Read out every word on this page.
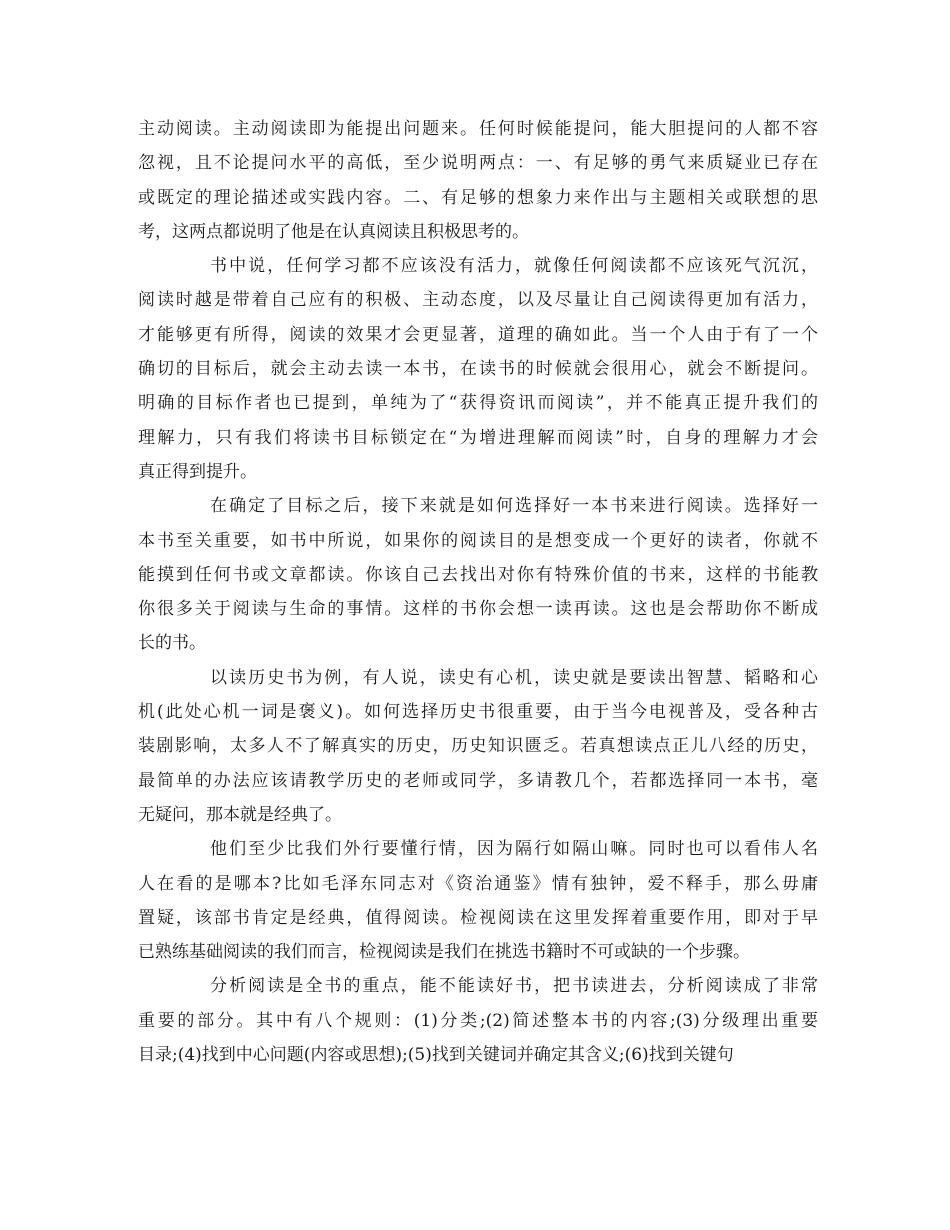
主动阅读。主动阅读即为能提出问题来。任何时候能提问，能大胆提问的人都不容
忽视，且不论提问水平的高低，至少说明两点：一、有足够的勇气来质疑业已存在
或既定的理论描述或实践内容。二、有足够的想象力来作出与主题相关或联想的思
考，这两点都说明了他是在认真阅读且积极思考的。
书中说，任何学习都不应该没有活力，就像任何阅读都不应该死气沉沉，
阅读时越是带着自己应有的积极、主动态度，以及尽量让自己阅读得更加有活力，
才能够更有所得，阅读的效果才会更显著，道理的确如此。当一个人由于有了一个
确切的目标后，就会主动去读一本书，在读书的时候就会很用心，就会不断提问。
明确的目标作者也已提到，单纯为了“获得资讯而阅读”，并不能真正提升我们的
理解力，只有我们将读书目标锁定在“为增进理解而阅读”时，自身的理解力才会
真正得到提升。
在确定了目标之后，接下来就是如何选择好一本书来进行阅读。选择好一
本书至关重要，如书中所说，如果你的阅读目的是想变成一个更好的读者，你就不
能摸到任何书或文章都读。你该自己去找出对你有特殊价值的书来，这样的书能教
你很多关于阅读与生命的事情。这样的书你会想一读再读。这也是会帮助你不断成
长的书。
以读历史书为例，有人说，读史有心机，读史就是要读出智慧、韬略和心
机(此处心机一词是褒义)。如何选择历史书很重要，由于当今电视普及，受各种古
装剧影响，太多人不了解真实的历史，历史知识匮乏。若真想读点正儿八经的历史，
最简单的办法应该请教学历史的老师或同学，多请教几个，若都选择同一本书，毫
无疑问，那本就是经典了。
他们至少比我们外行要懂行情，因为隔行如隔山嘛。同时也可以看伟人名
人在看的是哪本?比如毛泽东同志对《资治通鉴》情有独钟，爱不释手，那么毋庸
置疑，该部书肯定是经典，值得阅读。检视阅读在这里发挥着重要作用，即对于早
已熟练基础阅读的我们而言，检视阅读是我们在挑选书籍时不可或缺的一个步骤。
分析阅读是全书的重点，能不能读好书，把书读进去，分析阅读成了非常
重要的部分。其中有八个规则：(1)分类;(2)简述整本书的内容;(3)分级理出重要
目录;(4)找到中心问题(内容或思想);(5)找到关键词并确定其含义;(6)找到关键句
